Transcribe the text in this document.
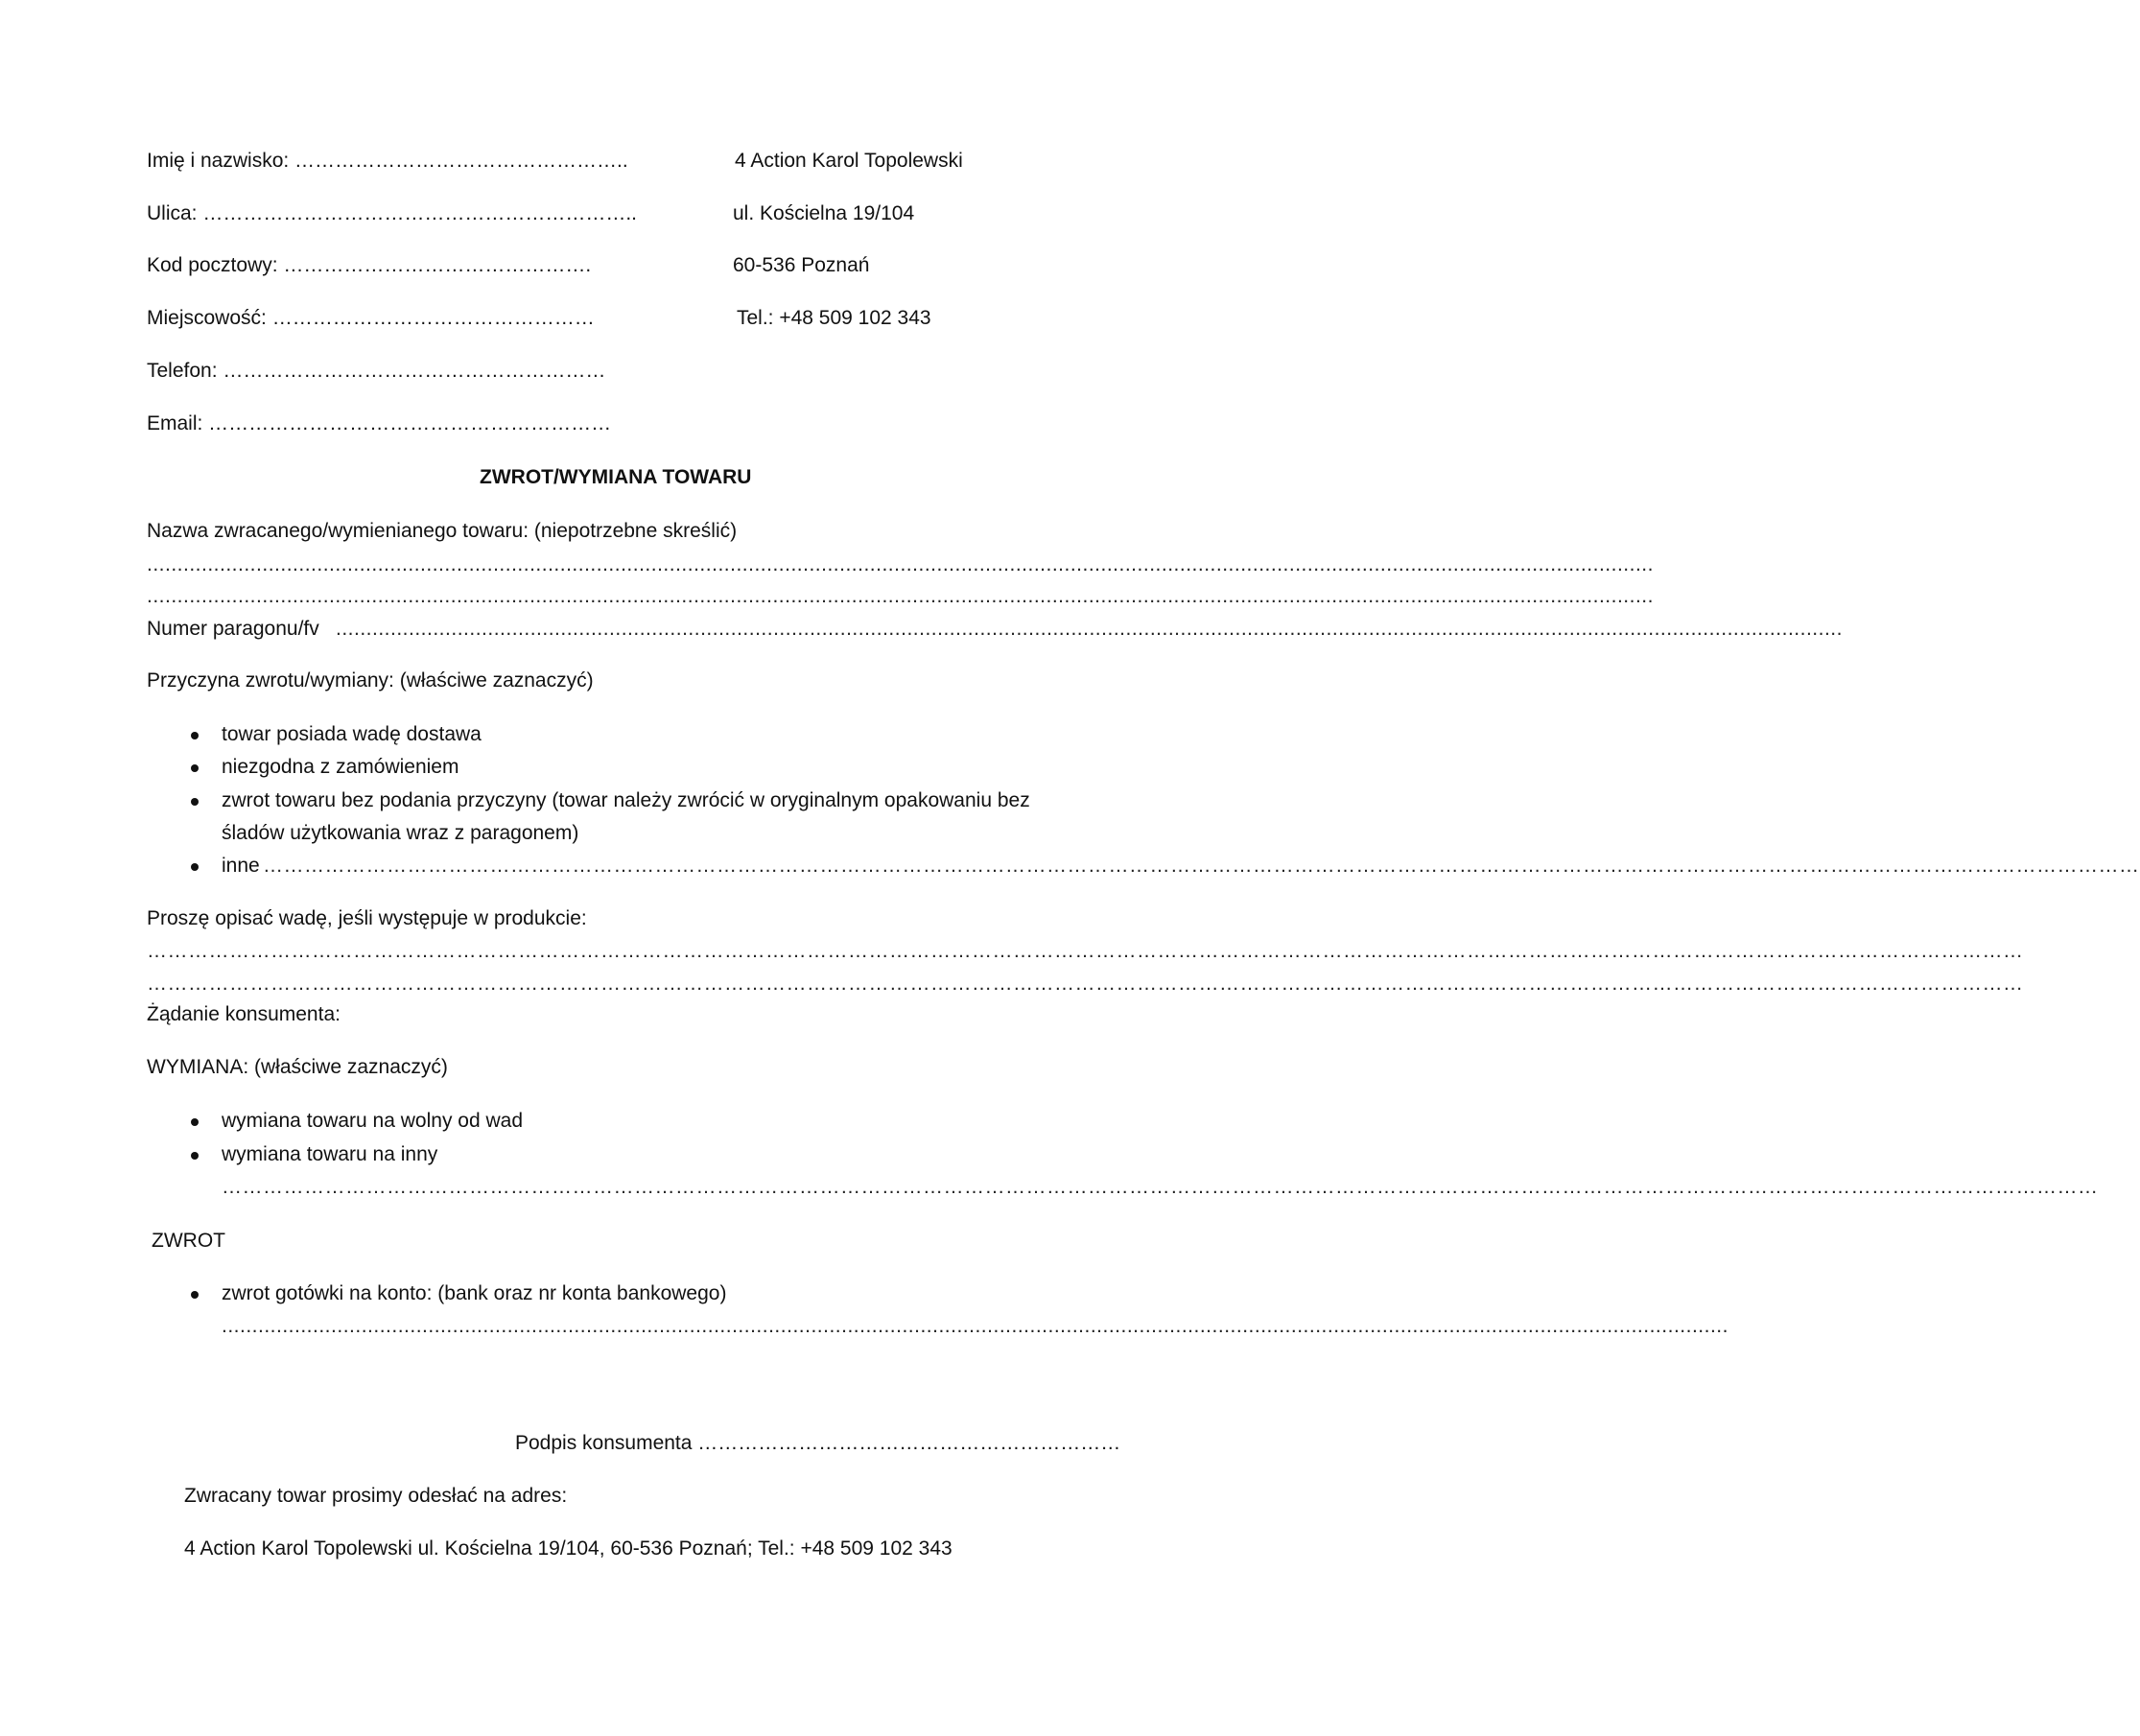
Imię i nazwisko: …………………………………………..
Ulica: ………………………………………………………..
Kod pocztowy: ……………………………………….
Miejscowość: …………………………………………
Telefon: …………………………………………………
Email: ……………………………………………………
4 Action Karol Topolewski
ul. Kościelna 19/104
60-536 Poznań
Tel.: +48 509 102 343
ZWROT/WYMIANA TOWARU
Nazwa zwracanego/wymienianego towaru: (niepotrzebne skreślić)
........................................................................................................................................................................................................................................................
........................................................................................................................................................................................................................................................
Numer paragonu/fv ........................................................................................................................................................................................................................................................
Przyczyna zwrotu/wymiany: (właściwe zaznaczyć)
towar posiada wadę dostawa
niezgodna z zamówieniem
zwrot towaru bez podania przyczyny (towar należy zwrócić w oryginalnym opakowaniu bez
śladów użytkowania wraz z paragonem)
inne …………………………………………………………………………………………………………………………………………………………………………………………………………………………………………………
Proszę opisać wadę, jeśli występuje w produkcie:
…………………………………………………………………………………………………………………………………………………………………………………………………………………………………………………
…………………………………………………………………………………………………………………………………………………………………………………………………………………………………………………
Żądanie konsumenta:
WYMIANA: (właściwe zaznaczyć)
wymiana towaru na wolny od wad
wymiana towaru na inny
…………………………………………………………………………………………………………………………………………………………………………………………………………………………………………………
ZWROT
zwrot gotówki na konto: (bank oraz nr konta bankowego)
........................................................................................................................................................................................................................................................
Podpis konsumenta ………………………………………………………
Zwracany towar prosimy odesłać na adres:
4 Action Karol Topolewski ul. Kościelna 19/104, 60-536 Poznań; Tel.: +48 509 102 343
